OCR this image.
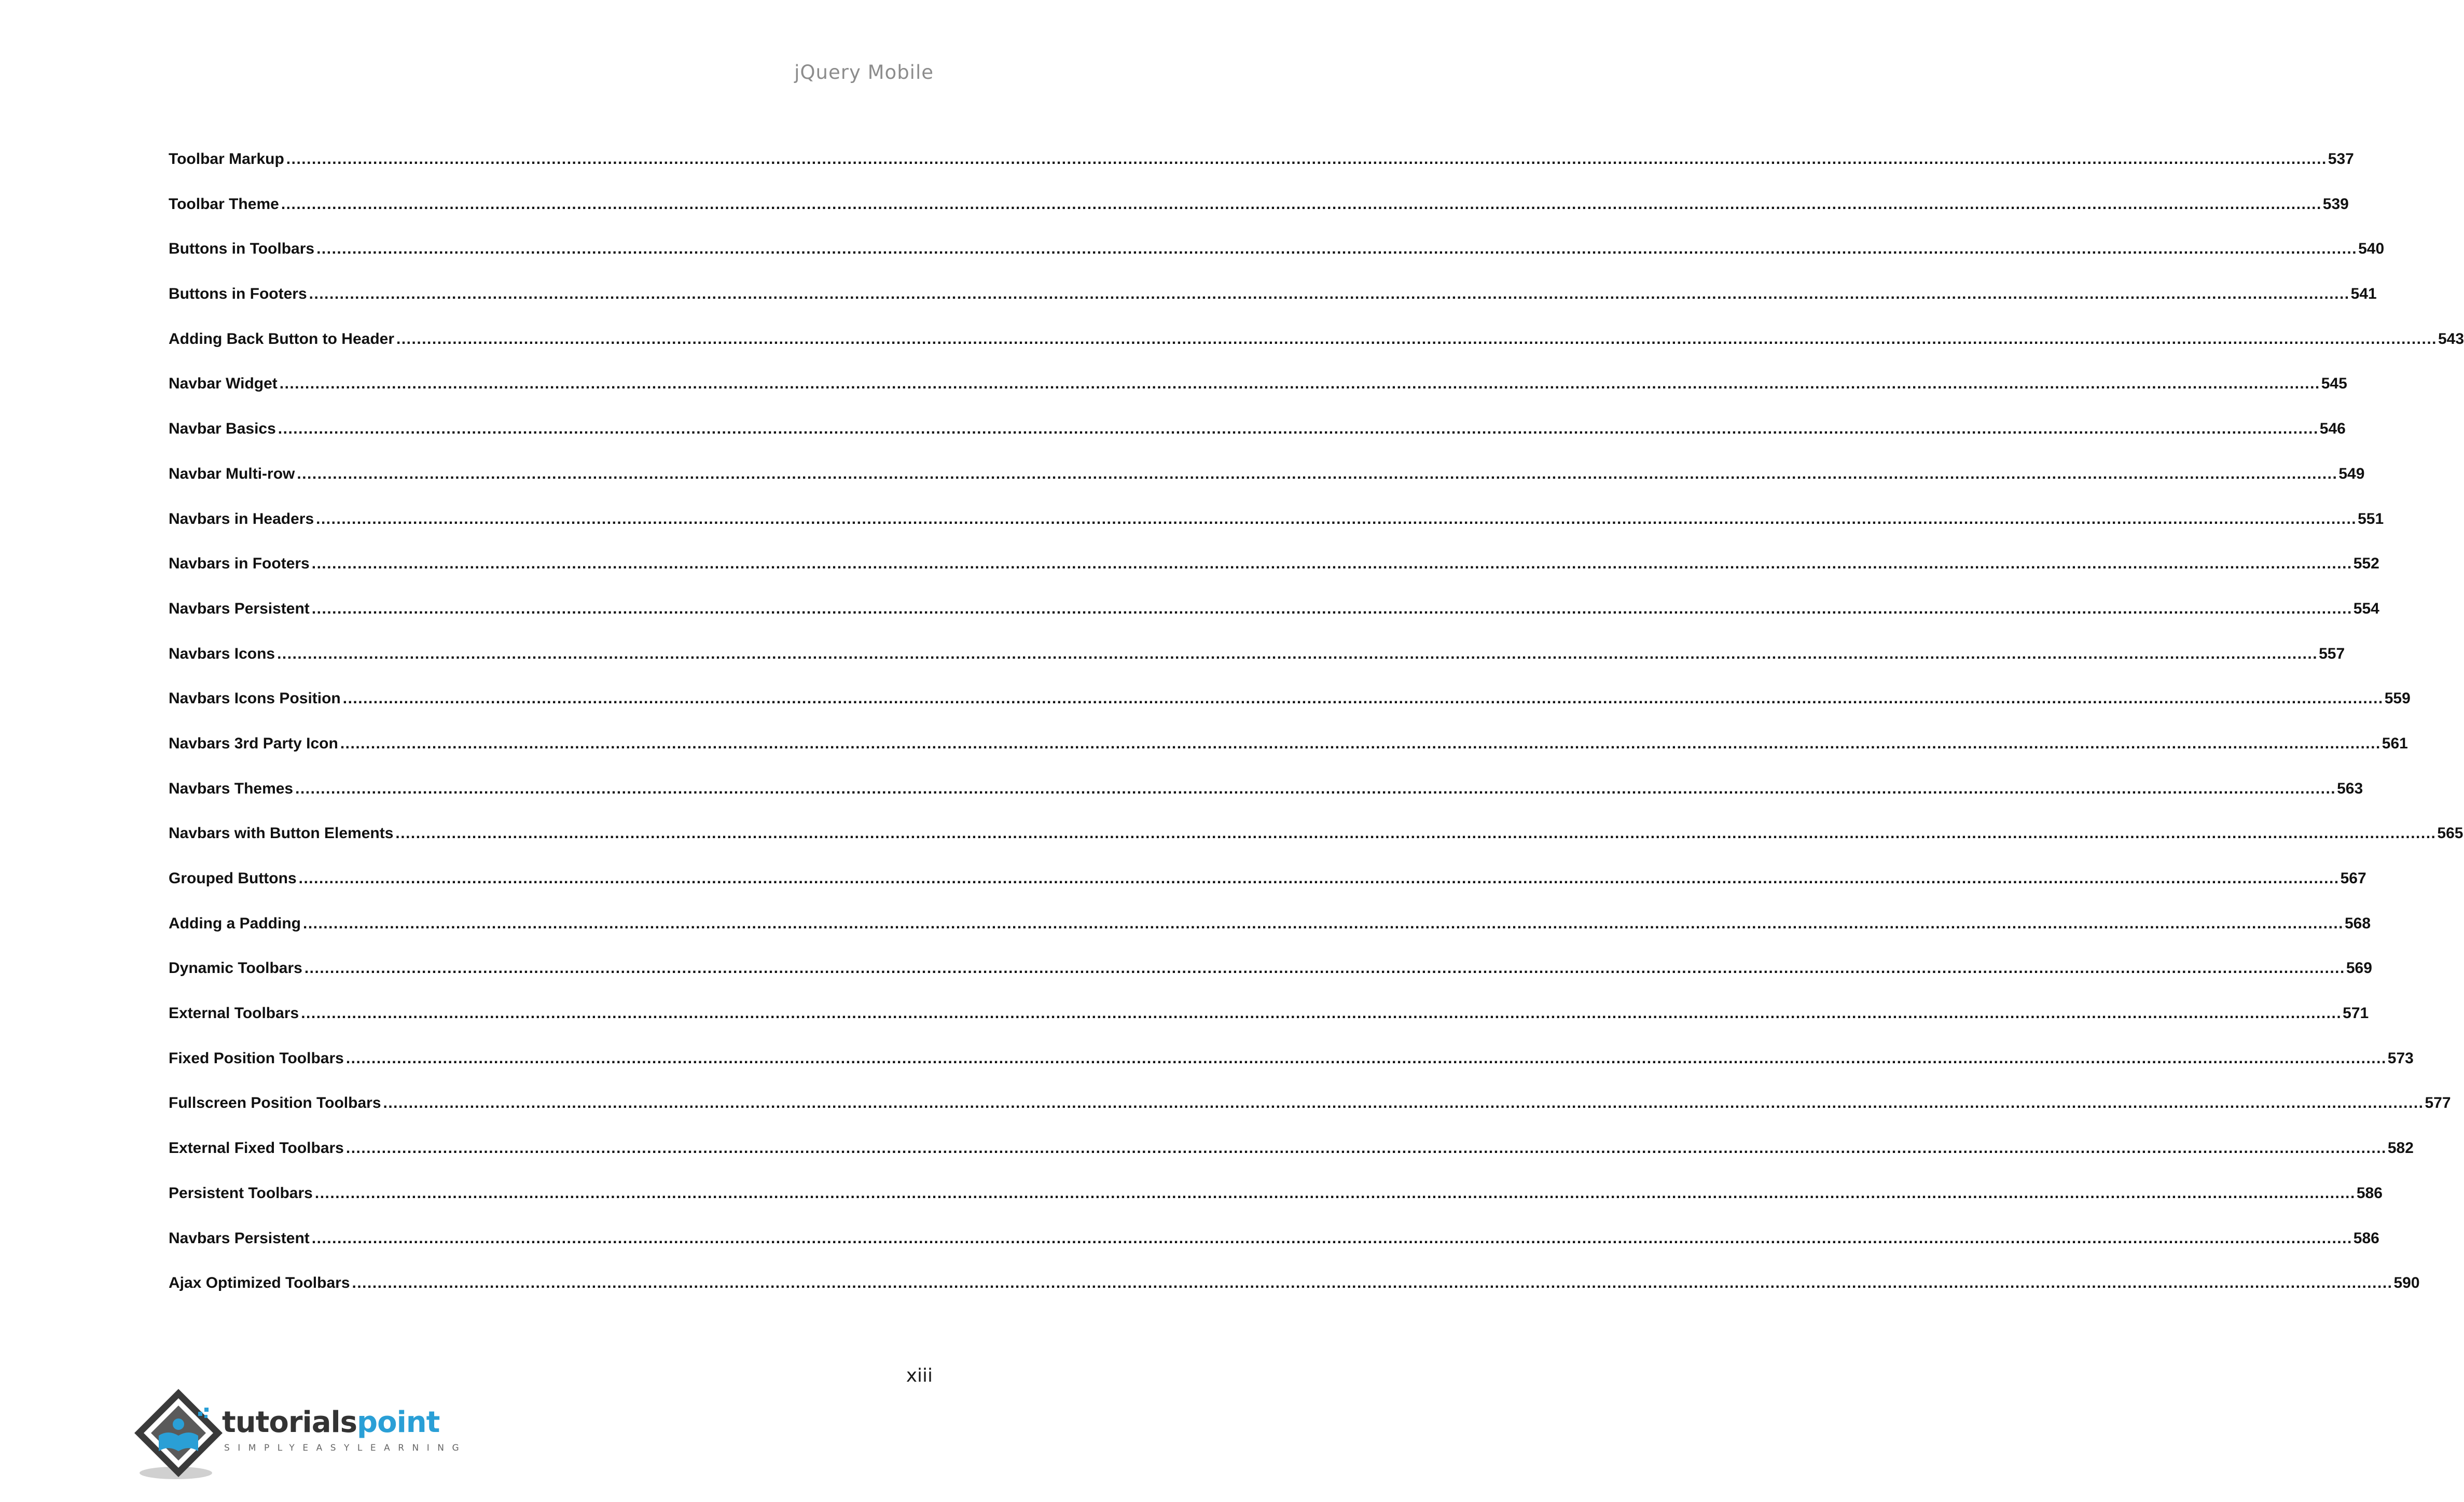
jQuery Mobile
Toolbar Markup ................................................................................................................................................................................................................................................................................................................................................................................................................ 537
Toolbar Theme ................................................................................................................................................................................................................................................................................................................................................................................................................ 539
Buttons in Toolbars ................................................................................................................................................................................................................................................................................................................................................................................................................ 540
Buttons in Footers ................................................................................................................................................................................................................................................................................................................................................................................................................ 541
Adding Back Button to Header ................................................................................................................................................................................................................................................................................................................................................................................................................ 543
Navbar Widget ................................................................................................................................................................................................................................................................................................................................................................................................................ 545
Navbar Basics ................................................................................................................................................................................................................................................................................................................................................................................................................ 546
Navbar Multi-row ................................................................................................................................................................................................................................................................................................................................................................................................................ 549
Navbars in Headers ................................................................................................................................................................................................................................................................................................................................................................................................................ 551
Navbars in Footers ................................................................................................................................................................................................................................................................................................................................................................................................................ 552
Navbars Persistent ................................................................................................................................................................................................................................................................................................................................................................................................................ 554
Navbars Icons ................................................................................................................................................................................................................................................................................................................................................................................................................ 557
Navbars Icons Position ................................................................................................................................................................................................................................................................................................................................................................................................................ 559
Navbars 3rd Party Icon ................................................................................................................................................................................................................................................................................................................................................................................................................ 561
Navbars Themes ................................................................................................................................................................................................................................................................................................................................................................................................................ 563
Navbars with Button Elements ................................................................................................................................................................................................................................................................................................................................................................................................................ 565
Grouped Buttons ................................................................................................................................................................................................................................................................................................................................................................................................................ 567
Adding a Padding ................................................................................................................................................................................................................................................................................................................................................................................................................ 568
Dynamic Toolbars ................................................................................................................................................................................................................................................................................................................................................................................................................ 569
External Toolbars ................................................................................................................................................................................................................................................................................................................................................................................................................ 571
Fixed Position Toolbars ................................................................................................................................................................................................................................................................................................................................................................................................................ 573
Fullscreen Position Toolbars ................................................................................................................................................................................................................................................................................................................................................................................................................ 577
External Fixed Toolbars ................................................................................................................................................................................................................................................................................................................................................................................................................ 582
Persistent Toolbars ................................................................................................................................................................................................................................................................................................................................................................................................................ 586
Navbars Persistent ................................................................................................................................................................................................................................................................................................................................................................................................................ 586
Ajax Optimized Toolbars ................................................................................................................................................................................................................................................................................................................................................................................................................ 590
xiii
tutorialspoint
SIMPLYEASYLEARNING
